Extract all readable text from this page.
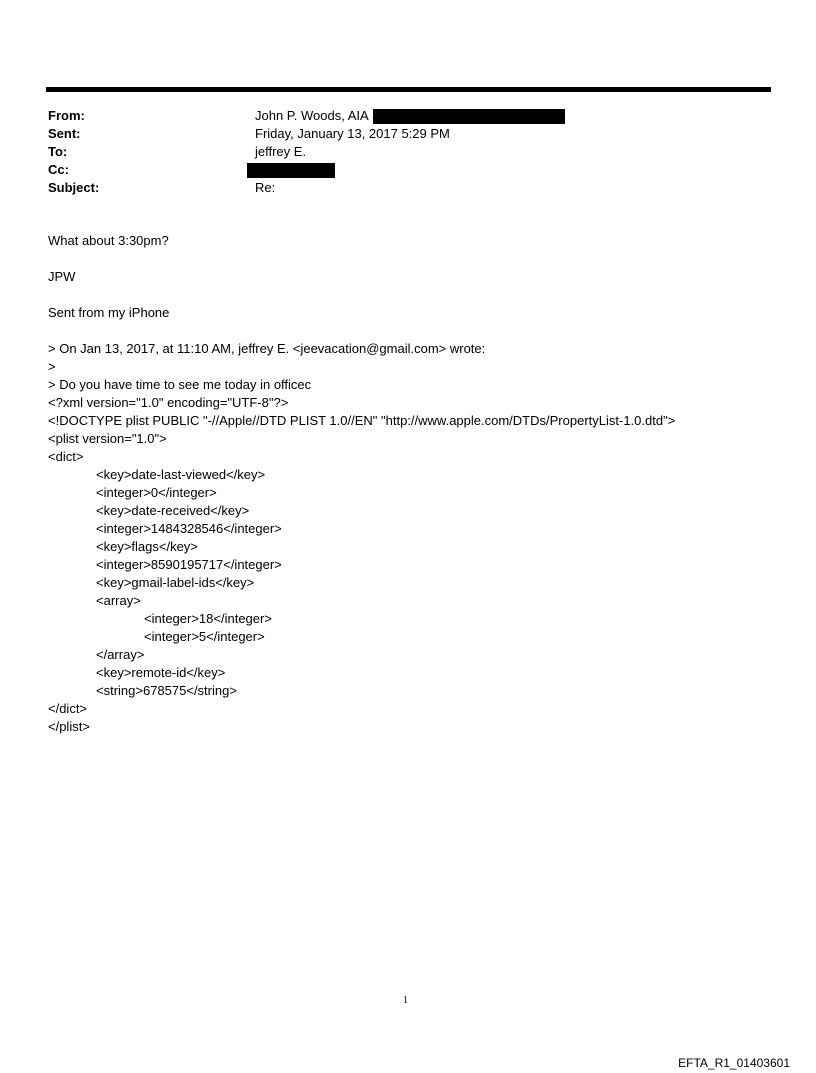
From:	John P. Woods, AIA
Sent:	Friday, January 13, 2017 5:29 PM
To:	jeffrey E.
Cc:
Subject:	Re:
What about 3:30pm?
JPW
Sent from my iPhone
> On Jan 13, 2017, at 11:10 AM, jeffrey E. <jeevacation@gmail.com> wrote:
>
> Do you have time to see me today in officec
<?xml version="1.0" encoding="UTF-8"?>
<!DOCTYPE plist PUBLIC "-//Apple//DTD PLIST 1.0//EN" "http://www.apple.com/DTDs/PropertyList-1.0.dtd">
<plist version="1.0">
<dict>
<key>date-last-viewed</key>
<integer>0</integer>
<key>date-received</key>
<integer>1484328546</integer>
<key>flags</key>
<integer>8590195717</integer>
<key>gmail-label-ids</key>
<array>
<integer>18</integer>
<integer>5</integer>
</array>
<key>remote-id</key>
<string>678575</string>
</dict>
</plist>
1
EFTA_R1_01403601
